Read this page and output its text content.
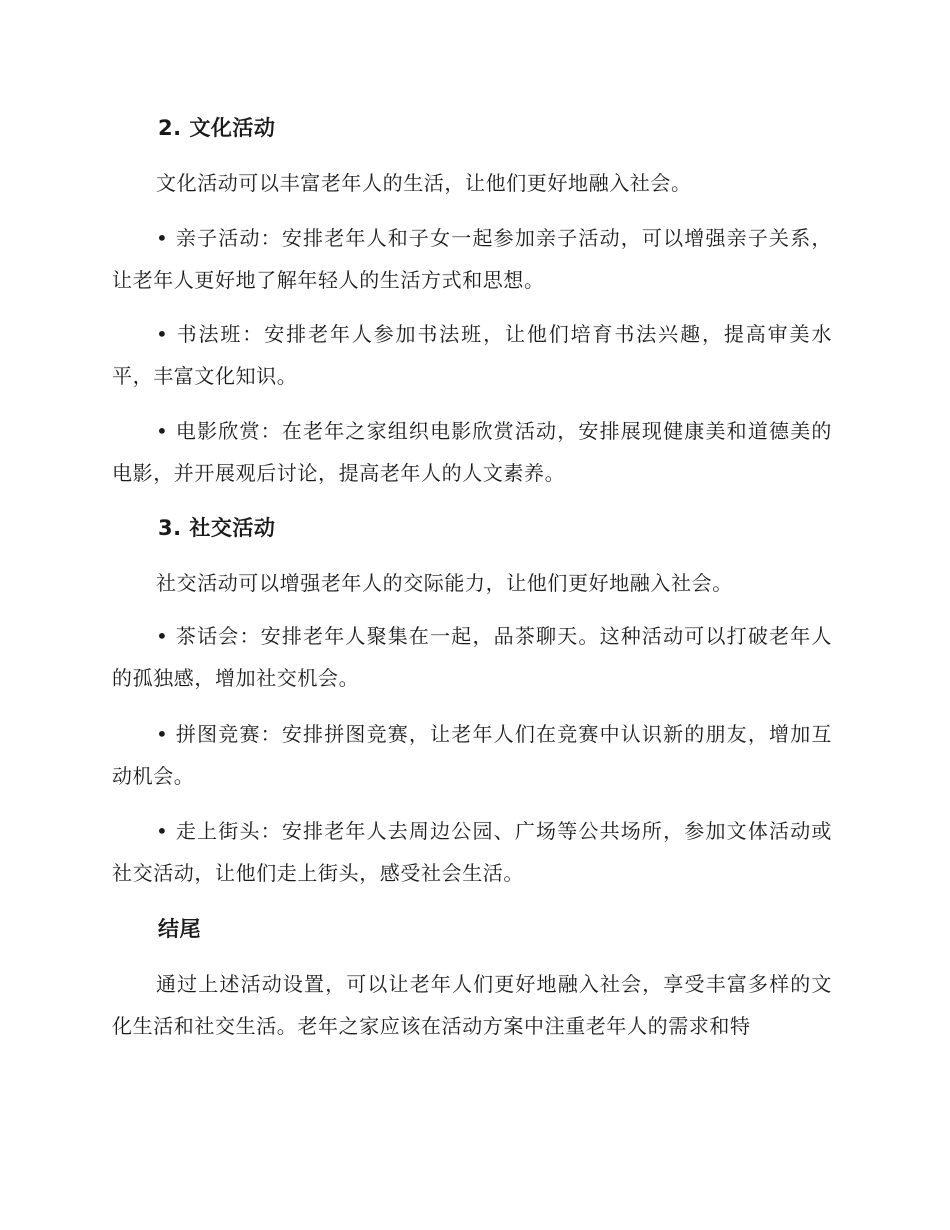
2. 文化活动

文化活动可以丰富老年人的生活，让他们更好地融入社会。

• 亲子活动：安排老年人和子女一起参加亲子活动，可以增强亲子关系，让老年人更好地了解年轻人的生活方式和思想。

• 书法班：安排老年人参加书法班，让他们培育书法兴趣，提高审美水平，丰富文化知识。

• 电影欣赏：在老年之家组织电影欣赏活动，安排展现健康美和道德美的电影，并开展观后讨论，提高老年人的人文素养。

3. 社交活动

社交活动可以增强老年人的交际能力，让他们更好地融入社会。

• 茶话会：安排老年人聚集在一起，品茶聊天。这种活动可以打破老年人的孤独感，增加社交机会。

• 拼图竞赛：安排拼图竞赛，让老年人们在竞赛中认识新的朋友，增加互动机会。

• 走上街头：安排老年人去周边公园、广场等公共场所，参加文体活动或社交活动，让他们走上街头，感受社会生活。

结尾

通过上述活动设置，可以让老年人们更好地融入社会，享受丰富多样的文化生活和社交生活。老年之家应该在活动方案中注重老年人的需求和特
